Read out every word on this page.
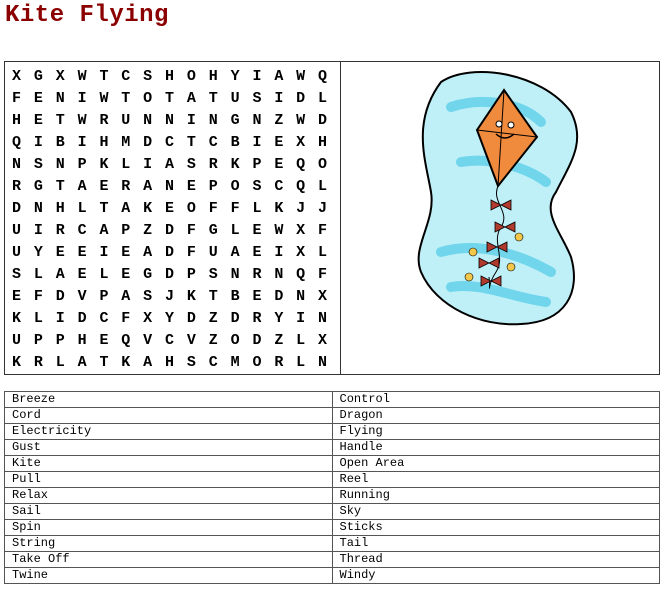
Kite Flying
X G X W T C S H O H Y I A W Q
F E N I W T O T A T U S I D L
H E T W R U N N I N G N Z W D
Q I B I H M D C T C B I E X H
N S N P K L I A S R K P E Q O
R G T A E R A N E P O S C Q L
D N H L T A K E O F F L K J J
U I R C A P Z D F G L E W X F
U Y E E I E A D F U A E I X L
S L A E L E G D P S N R N Q F
E F D V P A S J K T B E D N X
K L I D C F X Y D Z D R Y I N
U P P H E Q V C V Z O D Z L X
K R L A T K A H S C M O R L N
Breeze	Control
Cord	Dragon
Electricity	Flying
Gust	Handle
Kite	Open Area
Pull	Reel
Relax	Running
Sail	Sky
Spin	Sticks
String	Tail
Take Off	Thread
Twine	Windy
